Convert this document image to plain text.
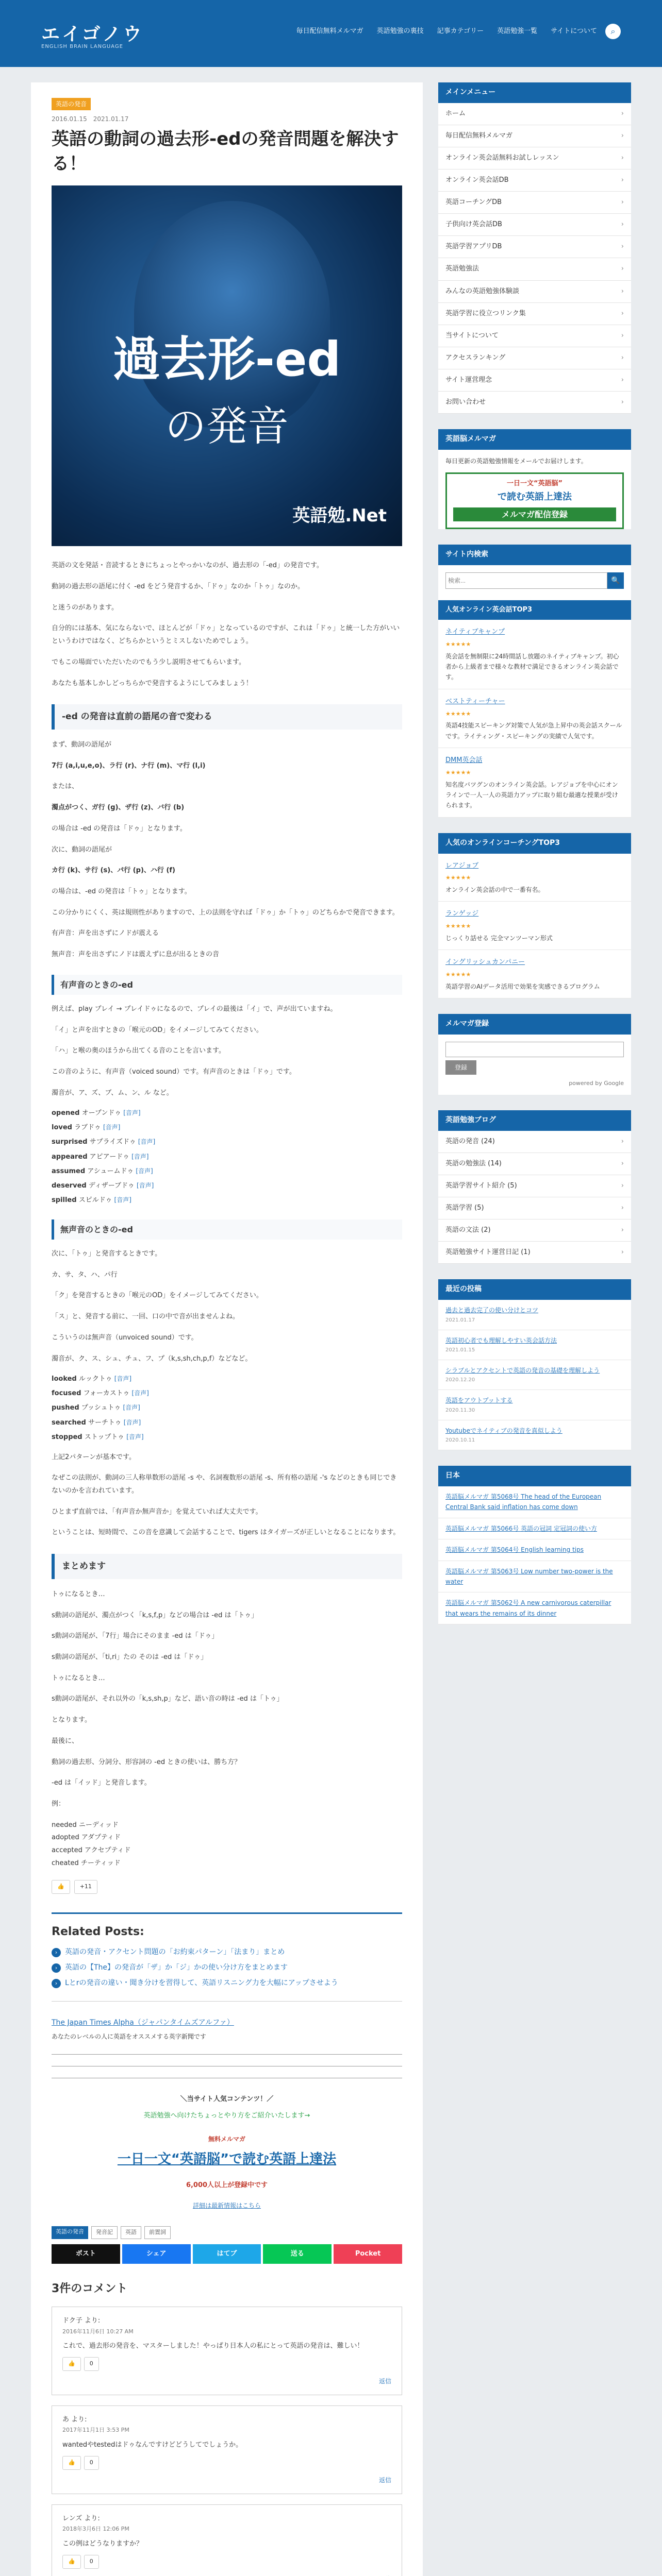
エイゴノウ
ENGLISH BRAIN LANGUAGE
毎日配信無料メルマガ	英語勉強の裏技	記事カテゴリー	英語勉強一覧	サイトについて	⌕
英語の発音
2016.01.15　 2021.01.17
英語の動詞の過去形-edの発音問題を解決する！
過去形-ed
の発音
英語勉.Net

英語の文を発話・音読するときにちょっとやっかいなのが、過去形の「-ed」の発音です。

動詞の過去形の語尾に付く -ed をどう発音するか、「ドゥ」なのか「トゥ」なのか。

と迷うのがあります。

自分的には基本、気にならないで、ほとんどが「ドゥ」となっているのですが、これは「ドゥ」と統一した方がいいというわけではなく、どちらかというとミスしないためでしょう。

でもこの場面でいただいたのでもう少し説明させてもらいます。

あなたも基本しかしどっちらかで発音するようにしてみましょう！

-ed の発音は直前の語尾の音で変わる

まず、動詞の語尾が

7行 (a,i,u,e,o)、ラ行 (r)、ナ行 (m)、マ行 (l,i)

または、

濁点がつく、ガ行 (g)、ザ行 (z)、バ行 (b)

の場合は -ed の発音は「ドゥ」となります。

次に、動詞の語尾が

カ行 (k)、サ行 (s)、パ行 (p)、ハ行 (f)

の場合は、-ed の発音は「トゥ」となります。

この分かりにくく、英は規則性がありますので、上の法則を守れば「ドゥ」か「トゥ」のどちらかで発音できます。

有声音：声を出さずにノドが震える

無声音：声を出さずにノドは震えずに息が出るときの音

有声音のときの-ed

例えば、play プレイ → プレイドゥになるので、プレイの最後は「イ」で、声が出ていますね。

「イ」と声を出すときの「喉元のOD」をイメージしてみてください。

「ハ」と喉の奥のほうから出てくる音のことを言います。

この音のように、有声音（voiced sound）です。有声音のときは「ドゥ」です。

濁音が、ア、ズ、ブ、ム、ン、ル など。

opened オープンドゥ [音声]
loved ラブドゥ [音声]
surprised サプライズドゥ [音声]
appeared アピアードゥ [音声]
assumed アシュームドゥ [音声]
deserved ディザーブドゥ [音声]
spilled スピルドゥ [音声]
無声音のときの-ed

次に、「トゥ」と発音するときです。

カ、サ、タ、ハ、パ行

「ク」を発音するときの「喉元のOD」をイメージしてみてください。

「ス」と、発音する前に、一回、口の中で音が出ませんよね。

こういうのは無声音（unvoiced sound）です。

濁音が、ク、ス、シュ、チュ、フ、プ（k,s,sh,ch,p,f）などなど。

looked ルックトゥ [音声]
focused フォーカストゥ [音声]
pushed プッシュトゥ [音声]
searched サーチトゥ [音声]
stopped ストップトゥ [音声]

上記2パターンが基本です。

なぜこの法則が、動詞の三人称単数形の語尾 -s や、名詞複数形の語尾 -s、所有格の語尾 -'s などのときも同じできないのかを言われています。

ひとまず直前では、「有声音か無声音か」を覚えていれば大丈夫です。

ということは、短時間で、この音を意識して会話することで、tigers はタイガーズが正しいとなることになります。

まとめます

トゥになるとき…

s動詞の語尾が、濁点がつく「k,s,f,p」などの場合は -ed は「トゥ」

s動詞の語尾が、「7行」場合にそのまま -ed は「ドゥ」

s動詞の語尾が、「ti,ri」たの そのは -ed は「ドゥ」

トゥになるとき…

s動詞の語尾が、それ以外の「k,s,sh,p」など、語い音の時は -ed は「トゥ」

となります。

最後に、

動詞の過去形、分詞分、形容詞の -ed ときの使いは、勝ち方？

-ed は「イッド」と発音します。

例：

needed ニーディッド

adopted アダプティド

accepted アクセプティド

cheated チーティッド

👍	+11
Related Posts:
›	英語の発音・アクセント問題の「お約束パターン」「法まり」まとめ
›	英語の【The】の発音が「ザ」か「ジ」かの使い分け方をまとめます
›	Lとrの発音の違い・聞き分けを習得して、英語リスニング力を大幅にアップさせよう
The Japan Times Alpha（ジャパンタイムズアルファ）
あなたのレベルの人に英語をオススメする英字新聞です
＼当サイト人気コンテンツ！／
英語勉強へ向けたちょっとやり方をご紹介いたします→
無料メルマガ
一日一文“英語脳”で読む英語上達法
6,000人以上が登録中です
詳細は最新情報はこちら
英語の発音	発音記	英語	前置詞
ポスト	シェア	はてブ	送る	Pocket
3件のコメント
ドク子 より:
2016年11月6日 10:27 AM
これで、過去形の発音を、マスターしました！やっぱり日本人の私にとって英語の発音は、難しい！
👍	0
返信
あ より:
2017年11月1日 3:53 PM
wantedやtestedはドゥなんですけどどうしてでしょうか。
👍	0
返信
レンズ より:
2018年3月6日 12:06 PM
この例はどうなりますか？
👍	0
メインメニュー
ホーム	›
毎日配信無料メルマガ	›
オンライン英会話無料お試しレッスン	›
オンライン英会話DB	›
英語コーチングDB	›
子供向け英会話DB	›
英語学習アプリDB	›
英語勉強法	›
みんなの英語勉強体験談	›
英語学習に役立つリンク集	›
当サイトについて	›
アクセスランキング	›
サイト運営理念	›
お問い合わせ	›
英語脳メルマガ
毎日更新の英語勉強情報をメールでお届けします。
一日一文“英語脳”
で読む英語上達法
メルマガ配信登録
サイト内検索
検索...
🔍
人気オンライン英会話TOP3
ネイティブキャンプ
★★★★★
英会話を無制限に24時間話し放題のネイティブキャンプ。初心者から上級者まで様々な教材で満足できるオンライン英会話です。
ベストティーチャー
★★★★★
英語4技能スピーキング対策で人気が急上昇中の英会話スクールです。ライティング・スピーキングの実績で人気です。
DMM英会話
★★★★★
知名度バツグンのオンライン英会話。レアジョブを中心にオンラインで一人一人の英語力アップに取り組む最適な授業が受けられます。
人気のオンラインコーチングTOP3
レアジョブ
★★★★★
オンライン英会話の中で一番有名。
ランゲッジ
★★★★★
じっくり話せる 完全マンツーマン形式
イングリッシュカンパニー
★★★★★
英語学習のAIデータ活用で効果を実感できるプログラム
メルマガ登録
登録
powered by Google
英語勉強ブログ
英語の発音 (24)	›
英語の勉強法 (14)	›
英語学習サイト紹介 (5)	›
英語学習 (5)	›
英語の文法 (2)	›
英語勉強サイト運営日記 (1)	›
最近の投稿
過去と過去完了の使い分けとコツ
2021.01.17
英語初心者でも理解しやすい英会話方法
2021.01.15
シラブルとアクセントで英語の発音の基礎を理解しよう
2020.12.20
英語をアウトプットする
2020.11.30
Youtubeでネイティブの発音を真似しよう
2020.10.11
日本
英語脳メルマガ 第5068号 The head of the European Central Bank said inflation has come down
英語脳メルマガ 第5066号 英語の冠詞 定冠詞の使い方
英語脳メルマガ 第5064号 English learning tips
英語脳メルマガ 第5063号 Low number two-power is the water
英語脳メルマガ 第5062号 A new carnivorous caterpillar that wears the remains of its dinner
